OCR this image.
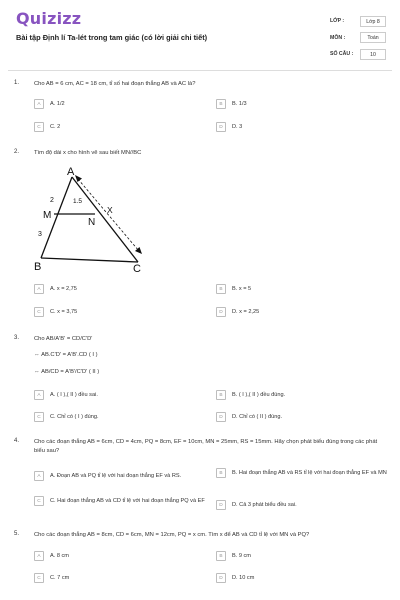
Quizizz
Bài tập Định lí Ta-lét trong tam giác (có lời giải chi tiết)
LỚP :	Lớp 8
MÔN :	Toán
SỐ CÂU :	10
1.	Cho AB = 6 cm, AC = 18 cm, tỉ số hai đoạn thẳng AB và AC là?
A	A. 1/2	B	B. 1/3
C	C. 2	D	D. 3
2.	Tìm độ dài x cho hình vẽ sau biết MN//BC
A
B	C
M
N
X
2
3
1.5
A	A. x = 2,75	B	B. x = 5
C	C. x = 3,75	D	D. x = 2,25
3.	Cho AB/A'B' = CD/C'D'
⇔ AB.C'D' = A'B'.CD ( I )
⇔ AB/CD = A'B'/C'D' ( II )
A	A. ( I ),( II ) đều sai.	B	B. ( I ),( II ) đều đúng.
C	C. Chỉ có ( I ) đúng.	D	D. Chỉ có ( II ) đúng.
4.	Cho các đoạn thẳng AB = 6cm, CD = 4cm, PQ = 8cm, EF = 10cm, MN = 25mm, RS = 15mm. Hãy chọn phát biểu đúng trong các phát biểu sau?
A	A. Đoạn AB và PQ tỉ lệ với hai đoạn thẳng EF và RS.	B	B. Hai đoạn thẳng AB và RS tỉ lệ với hai đoạn thẳng EF và MN
C	C. Hai đoạn thẳng AB và CD tỉ lệ với hai đoạn thẳng PQ và EF
D	D. Cả 3 phát biểu đều sai.
5.	Cho các đoạn thẳng AB = 8cm, CD = 6cm, MN = 12cm, PQ = x cm. Tìm x để AB và CD tỉ lệ với MN và PQ?
A	A. 8 cm	B	B. 9 cm
C	C. 7 cm	D	D. 10 cm
